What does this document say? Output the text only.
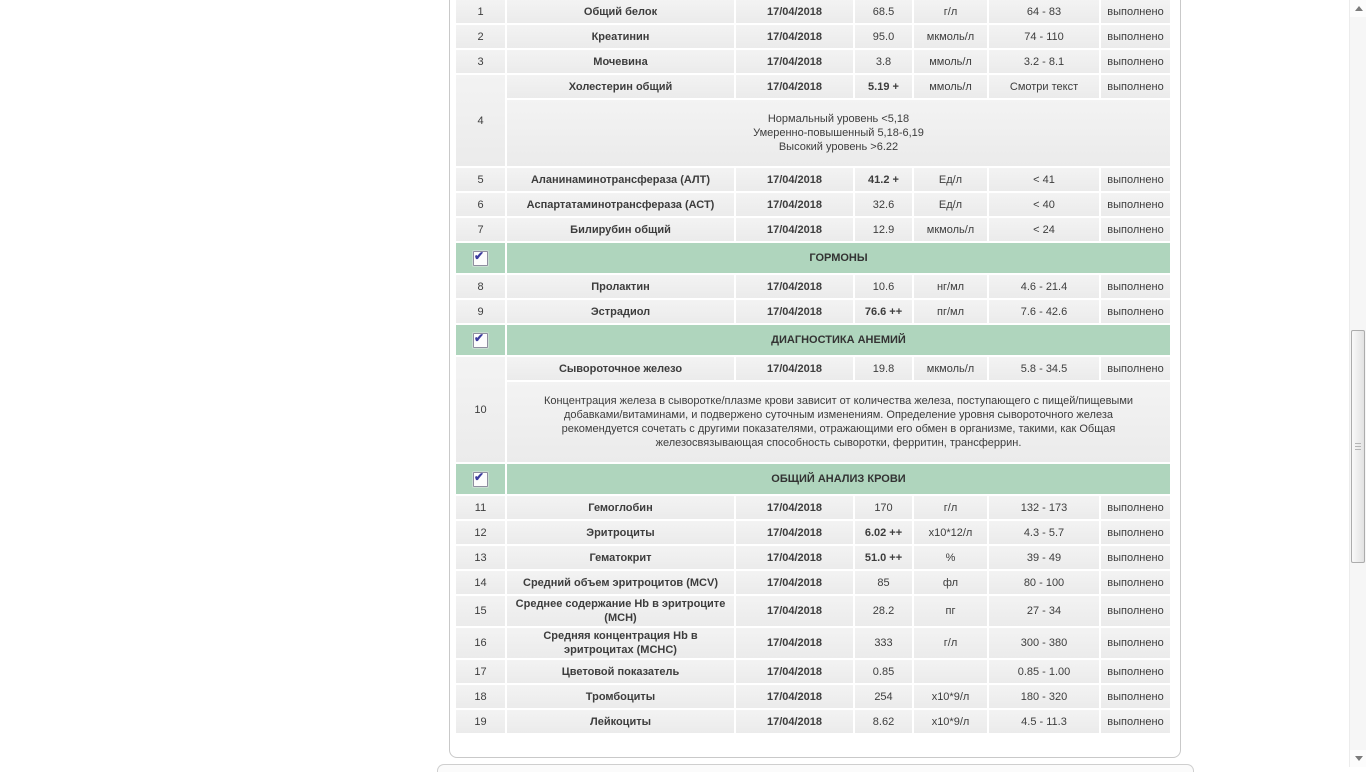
1	Общий белок	17/04/2018	68.5	г/л	64 - 83	выполнено
2	Креатинин	17/04/2018	95.0	мкмоль/л	74 - 110	выполнено
3	Мочевина	17/04/2018	3.8	ммоль/л	3.2 - 8.1	выполнено
4	Холестерин общий	17/04/2018	5.19 +	ммоль/л	Смотри текст	выполнено

	Нормальный уровень <5,18
Умеренно-повышенный 5,18-6,19
Высокий уровень >6.22					

5	Аланинаминотрансфераза (АЛТ)	17/04/2018	41.2 +	Ед/л	< 41	выполнено
6	Аспартатаминотрансфераза (АСТ)	17/04/2018	32.6	Ед/л	< 40	выполнено
7	Билирубин общий	17/04/2018	12.9	мкмоль/л	< 24	выполнено

✔	ГОРМОНЫ					
8	Пролактин	17/04/2018	10.6	нг/мл	4.6 - 21.4	выполнено
9	Эстрадиол	17/04/2018	76.6 ++	пг/мл	7.6 - 42.6	выполнено

✔	ДИАГНОСТИКА АНЕМИЙ					
10	Сывороточное железо	17/04/2018	19.8	мкмоль/л	5.8 - 34.5	выполнено

	Концентрация железа в сыворотке/плазме крови зависит от количества железа, поступающего с пищей/пищевыми добавками/витаминами, и подвержено суточным изменениям. Определение уровня сывороточного железа рекомендуется сочетать с другими показателями, отражающими его обмен в организме, такими, как Общая железосвязывающая способность сыворотки, ферритин, трансферрин.					

✔	ОБЩИЙ АНАЛИЗ КРОВИ					
11	Гемоглобин	17/04/2018	170	г/л	132 - 173	выполнено
12	Эритроциты	17/04/2018	6.02 ++	х10*12/л	4.3 - 5.7	выполнено
13	Гематокрит	17/04/2018	51.0 ++	%	39 - 49	выполнено
14	Средний объем эритроцитов (MCV)	17/04/2018	85	фл	80 - 100	выполнено
15	Среднее содержание Hb в эритроците (МСН)	17/04/2018	28.2	пг	27 - 34	выполнено
16	Средняя концентрация Hb в эритроцитах (МСНС)	17/04/2018	333	г/л	300 - 380	выполнено
17	Цветовой показатель	17/04/2018	0.85		0.85 - 1.00	выполнено
18	Тромбоциты	17/04/2018	254	х10*9/л	180 - 320	выполнено
19	Лейкоциты	17/04/2018	8.62	х10*9/л	4.5 - 11.3	выполнено
